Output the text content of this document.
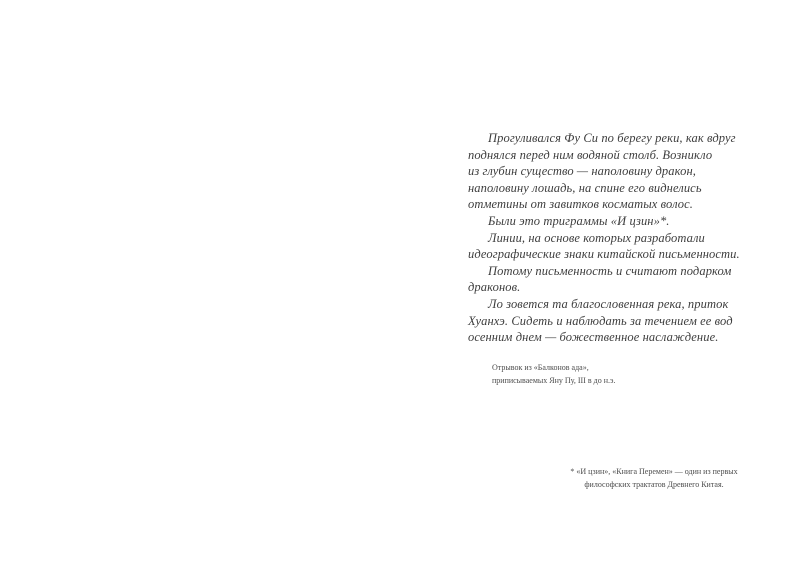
Прогуливался Фу Си по берегу реки, как вдруг
поднялся перед ним водяной столб. Возникло
из глубин существо — наполовину дракон,
наполовину лошадь, на спине его виднелись
отметины от завитков косматых волос.
Были это триграммы «И цзин»*.
Линии, на основе которых разработали
идеографические знаки китайской письменности.
Потому письменность и считают подарком
драконов.
Ло зовется та благословенная река, приток
Хуанхэ. Сидеть и наблюдать за течением ее вод
осенним днем — божественное наслаждение.
Отрывок из «Балконов ада»,
приписываемых Яну Пу, III в до н.э.
* «И цзин», «Книга Перемен» — один из первых
философских трактатов Древнего Китая.
